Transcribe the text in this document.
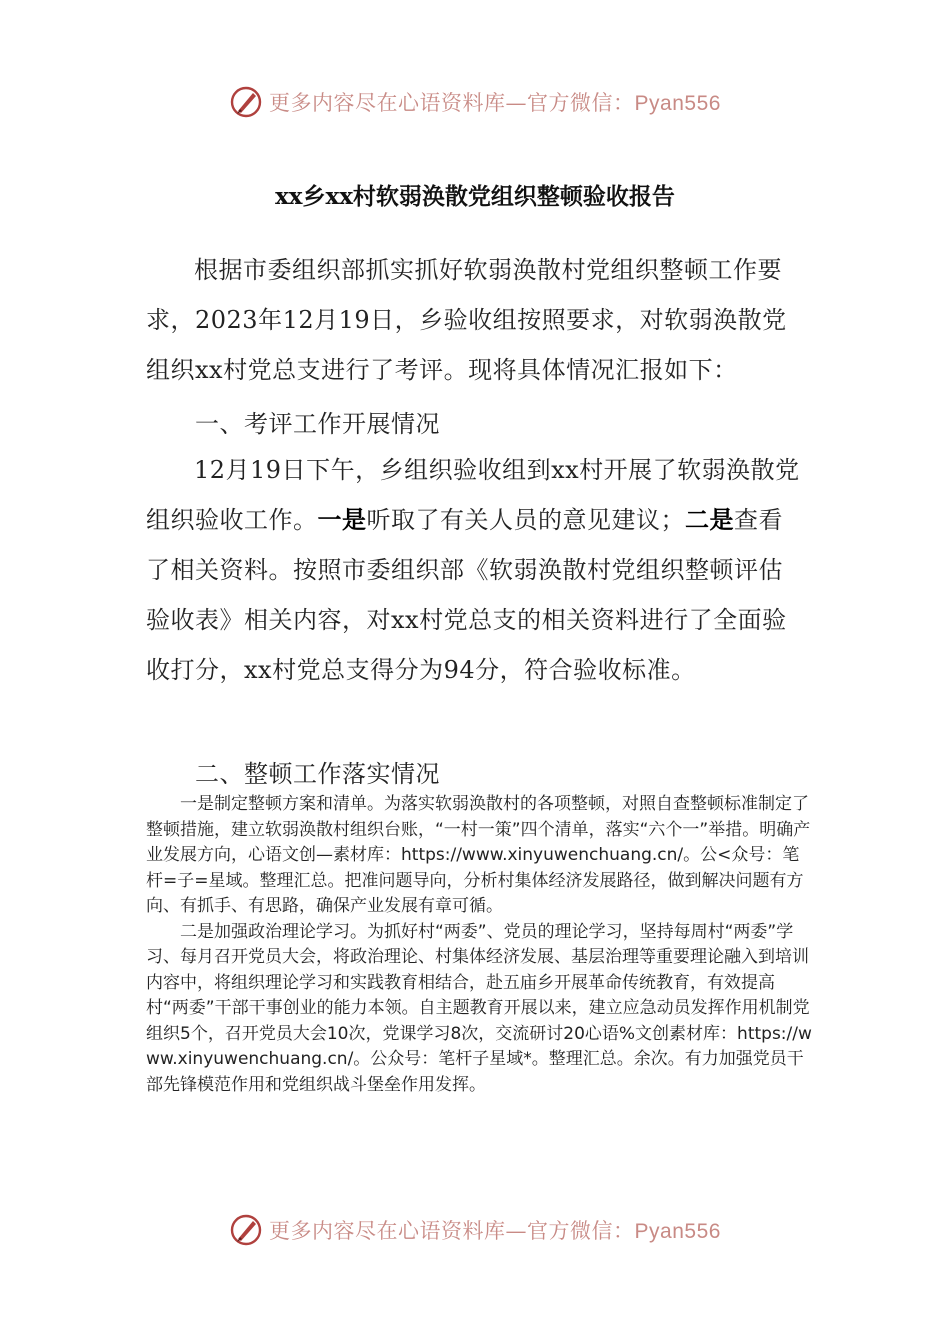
更多内容尽在心语资料库—官方微信：Pyan556
xx乡xx村软弱涣散党组织整顿验收报告

根据市委组织部抓实抓好软弱涣散村党组织整顿工作要求，2023年12月19日，乡验收组按照要求，对软弱涣散党组织xx村党总支进行了考评。现将具体情况汇报如下：

一、考评工作开展情况

12月19日下午，乡组织验收组到xx村开展了软弱涣散党组织验收工作。一是听取了有关人员的意见建议；二是查看了相关资料。按照市委组织部《软弱涣散村党组织整顿评估验收表》相关内容，对xx村党总支的相关资料进行了全面验收打分，xx村党总支得分为94分，符合验收标准。

二、整顿工作落实情况

一是制定整顿方案和清单。为落实软弱涣散村的各项整顿，对照自查整顿标准制定了整顿措施，建立软弱涣散村组织台账，“一村一策”四个清单，落实“六个一”举措。明确产业发展方向，心语文创—素材库：https://www.xinyuwenchuang.cn/。公<众号：笔杆=子=星域。整理汇总。把准问题导向，分析村集体经济发展路径，做到解决问题有方向、有抓手、有思路，确保产业发展有章可循。

二是加强政治理论学习。为抓好村“两委”、党员的理论学习，坚持每周村“两委”学习、每月召开党员大会，将政治理论、村集体经济发展、基层治理等重要理论融入到培训内容中，将组织理论学习和实践教育相结合，赴五庙乡开展革命传统教育，有效提高村“两委”干部干事创业的能力本领。自主题教育开展以来，建立应急动员发挥作用机制党组织5个，召开党员大会10次，党课学习8次，交流研讨20心语%文创素材库：https://www.xinyuwenchuang.cn/。公众号：笔杆子星域*。整理汇总。余次。有力加强党员干部先锋模范作用和党组织战斗堡垒作用发挥。

更多内容尽在心语资料库—官方微信：Pyan556
